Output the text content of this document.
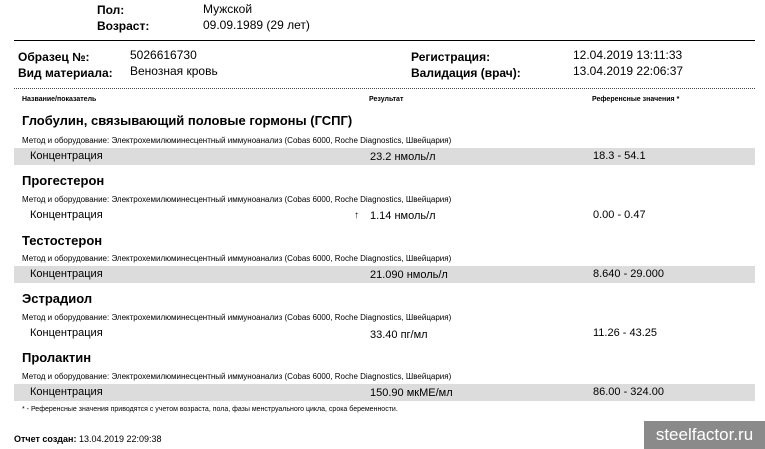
Пол:	Мужской
Возраст:	09.09.1989 (29 лет)
Образец №:	5026616730
Вид материала: Венозная кровь
Регистрация:	12.04.2019 13:11:33
Валидация (врач):	13.04.2019 22:06:37
Название/показатель	Результат	Референсные значения *
Глобулин, связывающий половые гормоны (ГСПГ)
Метод и оборудование: Электрохемилюминесцентный иммуноанализ (Cobas 6000, Roche Diagnostics, Швейцария)
Концентрация	23.2 нмоль/л	18.3 - 54.1
Прогестерон
Метод и оборудование: Электрохемилюминесцентный иммуноанализ (Cobas 6000, Roche Diagnostics, Швейцария)
↑
Концентрация	1.14 нмоль/л	0.00 - 0.47
Тестостерон
Метод и оборудование: Электрохемилюминесцентный иммуноанализ (Cobas 6000, Roche Diagnostics, Швейцария)
Концентрация	21.090 нмоль/л	8.640 - 29.000
Эстрадиол
Метод и оборудование: Электрохемилюминесцентный иммуноанализ (Cobas 6000, Roche Diagnostics, Швейцария)
Концентрация	33.40 пг/мл	11.26 - 43.25
Пролактин
Метод и оборудование: Электрохемилюминесцентный иммуноанализ (Cobas 6000, Roche Diagnostics, Швейцария)
Концентрация	150.90 мкМЕ/мл	86.00 - 324.00
* - Референсные значения приводятся с учетом возраста, пола, фазы менструального цикла, срока беременности.
Отчет создан: 13.04.2019 22:09:38	steelfactor.ru
